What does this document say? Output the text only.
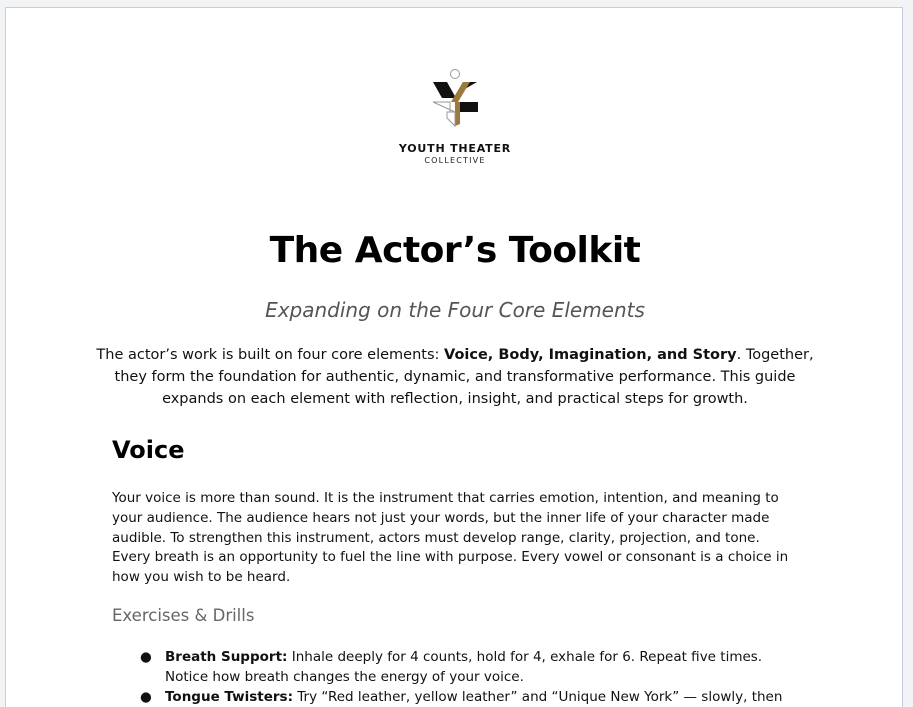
YOUTH THEATER
COLLECTIVE
The Actor’s Toolkit

Expanding on the Four Core Elements

The actor’s work is built on four core elements: Voice, Body, Imagination, and Story. Together, they form the foundation for authentic, dynamic, and transformative performance. This guide expands on each element with reflection, insight, and practical steps for growth.

Voice

Your voice is more than sound. It is the instrument that carries emotion, intention, and meaning to your audience. The audience hears not just your words, but the inner life of your character made audible. To strengthen this instrument, actors must develop range, clarity, projection, and tone. Every breath is an opportunity to fuel the line with purpose. Every vowel or consonant is a choice in how you wish to be heard.

Exercises & Drills
● Breath Support: Inhale deeply for 4 counts, hold for 4, exhale for 6. Repeat five times. Notice how breath changes the energy of your voice.
● Tongue Twisters: Try “Red leather, yellow leather” and “Unique New York” — slowly, then
